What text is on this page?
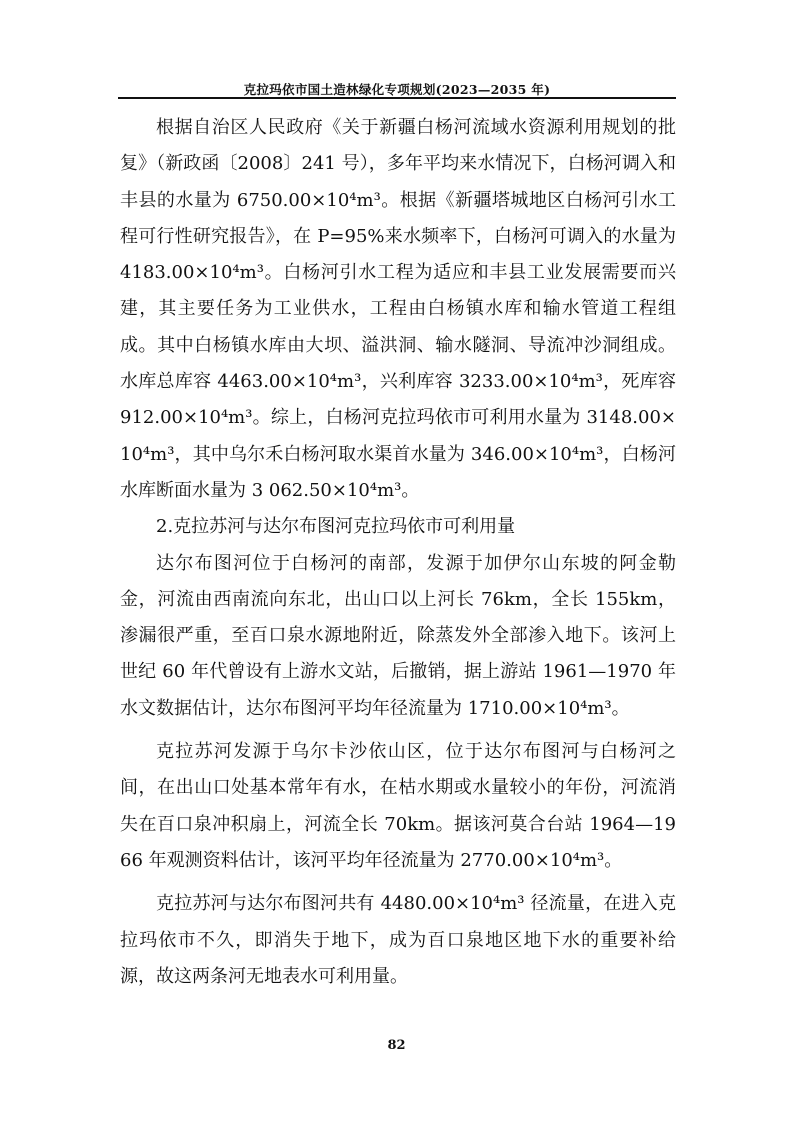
克拉玛依市国土造林绿化专项规划(2023—2035 年)

根据自治区人民政府《关于新疆白杨河流域水资源利用规划的批复》（新政函〔2008〕241 号），多年平均来水情况下，白杨河调入和丰县的水量为 6750.00×10⁴m³。根据《新疆塔城地区白杨河引水工程可行性研究报告》，在 P=95%来水频率下，白杨河可调入的水量为 4183.00×10⁴m³。白杨河引水工程为适应和丰县工业发展需要而兴建，其主要任务为工业供水，工程由白杨镇水库和输水管道工程组成。其中白杨镇水库由大坝、溢洪洞、输水隧洞、导流冲沙洞组成。水库总库容 4463.00×10⁴m³，兴利库容 3233.00×10⁴m³，死库容 912.00×10⁴m³。综上，白杨河克拉玛依市可利用水量为 3148.00×10⁴m³，其中乌尔禾白杨河取水渠首水量为 346.00×10⁴m³，白杨河水库断面水量为 3 062.50×10⁴m³。

2.克拉苏河与达尔布图河克拉玛依市可利用量

达尔布图河位于白杨河的南部，发源于加伊尔山东坡的阿金勒金，河流由西南流向东北，出山口以上河长 76km，全长 155km，渗漏很严重，至百口泉水源地附近，除蒸发外全部渗入地下。该河上世纪 60 年代曾设有上游水文站，后撤销，据上游站 1961—1970 年水文数据估计，达尔布图河平均年径流量为 1710.00×10⁴m³。

克拉苏河发源于乌尔卡沙依山区，位于达尔布图河与白杨河之间，在出山口处基本常年有水，在枯水期或水量较小的年份，河流消失在百口泉冲积扇上，河流全长 70km。据该河莫合台站 1964—1966 年观测资料估计，该河平均年径流量为 2770.00×10⁴m³。

克拉苏河与达尔布图河共有 4480.00×10⁴m³ 径流量，在进入克拉玛依市不久，即消失于地下，成为百口泉地区地下水的重要补给源，故这两条河无地表水可利用量。

82
